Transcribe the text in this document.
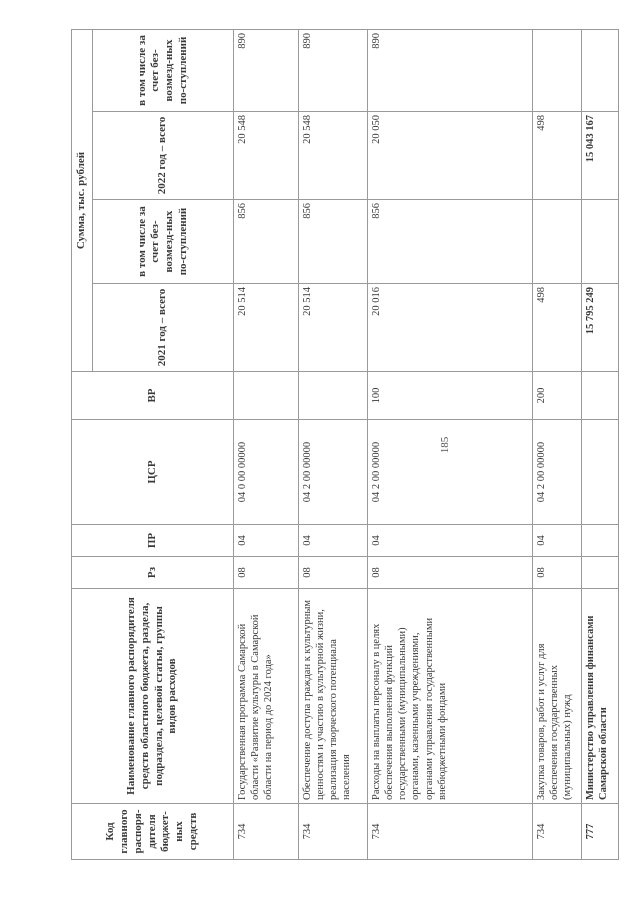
185
Код главного распоря-дителя бюджет-ных средств	Наименование главного распорядителя средств областного бюджета, раздела, подраздела, целевой статьи, группы видов расходов	Рз	ПР	ЦСР	ВР	Сумма, тыс. рублей			
						2021 год – всего	в том числе за счет без-возмезд-ных по-ступлений	2022 год – всего	в том числе за счет без-возмезд-ных по-ступлений
734	Государственная программа Самарской области «Развитие культуры в Самарской области на период до 2024 года»	08	04	04 0 00 00000		20 514	856	20 548	890
734	Обеспечение доступа граждан к культурным ценностям и участию в культурной жизни, реализация творческого потенциала населения	08	04	04 2 00 00000		20 514	856	20 548	890
734	Расходы на выплаты персоналу в целях обеспечения выполнения функций государственными (муниципальными) органами, казенными учреждениями, органами управления государственными внебюджетными фондами	08	04	04 2 00 00000	100	20 016	856	20 050	890
734	Закупка товаров, работ и услуг для обеспечения государственных (муниципальных) нужд	08	04	04 2 00 00000	200	498		498	
777	Министерство управления финансами Самарской области					15 795 249		15 043 167	
